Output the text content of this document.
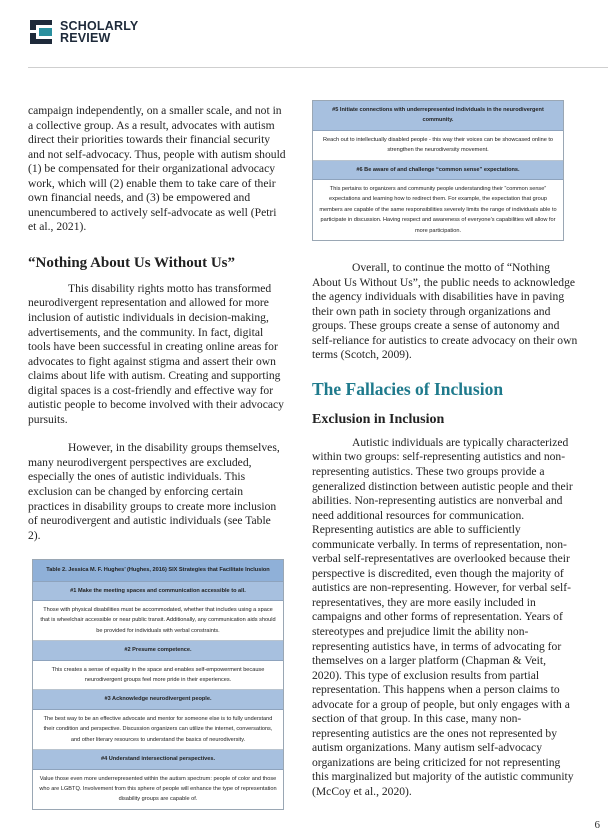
SCHOLARLY
REVIEW

campaign independently, on a smaller scale, and not in a collective group. As a result, advocates with autism direct their priorities towards their financial security and not self-advocacy. Thus, people with autism should (1) be compensated for their organizational advocacy work, which will (2) enable them to take care of their own financial needs, and (3) be empowered and unencumbered to actively self-advocate as well (Petri et al., 2021).

“Nothing About Us Without Us”

This disability rights motto has transformed neurodivergent representation and allowed for more inclusion of autistic individuals in decision-making, advertisements, and the community. In fact, digital tools have been successful in creating online areas for advocates to fight against stigma and assert their own claims about life with autism. Creating and supporting digital spaces is a cost-friendly and effective way for autistic people to become involved with their advocacy pursuits.

However, in the disability groups themselves, many neurodivergent perspectives are excluded, especially the ones of autistic individuals. This exclusion can be changed by enforcing certain practices in disability groups to create more inclusion of neurodivergent and autistic individuals (see Table 2).

Table 2. Jessica M. F. Hughes’ (Hughes, 2016) SIX Strategies that Facilitate Inclusion
#1 Make the meeting spaces and communication accessible to all.
Those with physical disabilities must be accommodated, whether that includes using a space that is wheelchair accessible or near public transit. Additionally, any communication aids should be provided for individuals with verbal constraints.
#2 Presume competence.
This creates a sense of equality in the space and enables self-empowerment because neurodivergent groups feel more pride in their experiences.
#3 Acknowledge neurodivergent people.
The best way to be an effective advocate and mentor for someone else is to fully understand their condition and perspective. Discussion organizers can utilize the internet, conversations, and other literary resources to understand the basics of neurodiversity.
#4 Understand intersectional perspectives.
Value those even more underrepresented within the autism spectrum: people of color and those who are LGBTQ. Involvement from this sphere of people will enhance the type of representation disability groups are capable of.
#5 Initiate connections with underrepresented individuals in the neurodivergent community.
Reach out to intellectually disabled people - this way their voices can be showcased online to strengthen the neurodiversity movement.
#6 Be aware of and challenge “common sense” expectations.
This pertains to organizers and community people understanding their “common sense” expectations and learning how to redirect them. For example, the expectation that group members are capable of the same responsibilities severely limits the range of individuals able to participate in discussion. Having respect and awareness of everyone’s capabilities will allow for more participation.

Overall, to continue the motto of “Nothing About Us Without Us”, the public needs to acknowledge the agency individuals with disabilities have in paving their own path in society through organizations and groups. These groups create a sense of autonomy and self-reliance for autistics to create advocacy on their own terms (Scotch, 2009).

The Fallacies of Inclusion
Exclusion in Inclusion

Autistic individuals are typically characterized within two groups: self-representing autistics and non-representing autistics. These two groups provide a generalized distinction between autistic people and their abilities. Non-representing autistics are nonverbal and need additional resources for communication. Representing autistics are able to sufficiently communicate verbally. In terms of representation, non-verbal self-representatives are overlooked because their perspective is discredited, even though the majority of autistics are non-representing. However, for verbal self-representatives, they are more easily included in campaigns and other forms of representation. Years of stereotypes and prejudice limit the ability non-representing autistics have, in terms of advocating for themselves on a larger platform (Chapman & Veit, 2020). This type of exclusion results from partial representation. This happens when a person claims to advocate for a group of people, but only engages with a section of that group. In this case, many non-representing autistics are the ones not represented by autism organizations. Many autism self-advocacy organizations are being criticized for not representing this marginalized but majority of the autistic community (McCoy et al., 2020).

6
